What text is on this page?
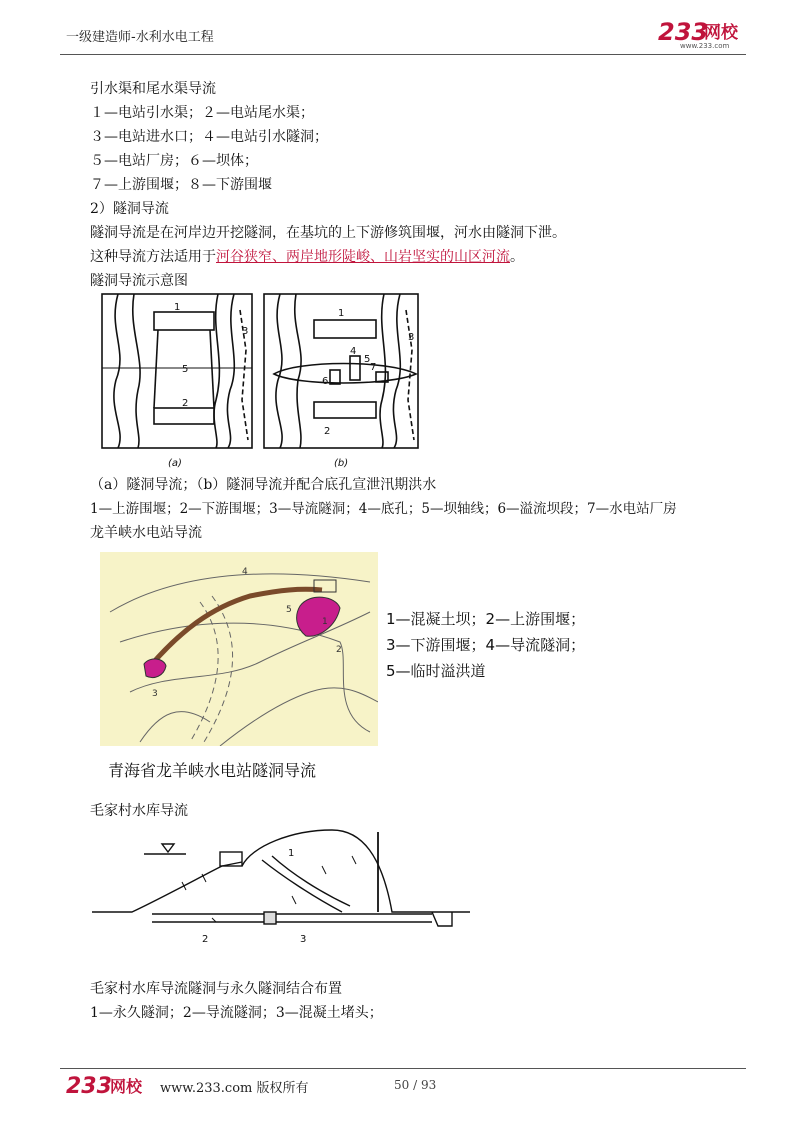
一级建造师-水利水电工程	233
网校
www.233.com
引水渠和尾水渠导流
１—电站引水渠；２—电站尾水渠；
３—电站进水口；４—电站引水隧洞；
５—电站厂房；６—坝体；
７—上游围堰；８—下游围堰
2）隧洞导流
隧洞导流是在河岸边开挖隧洞，在基坑的上下游修筑围堰，河水由隧洞下泄。
这种导流方法适用于河谷狭窄、两岸地形陡峻、山岩坚实的山区河流。
隧洞导流示意图
1
3
5
2
(a)
1
3
4
5
6
7
2
(b)
（a）隧洞导流；（b）隧洞导流并配合底孔宣泄汛期洪水
1—上游围堰；2—下游围堰；3—导流隧洞；4—底孔；5—坝轴线；6—溢流坝段；7—水电站厂房
龙羊峡水电站导流
4
5
2
3
1	1—混凝土坝；2—上游围堰；
3—下游围堰；4—导流隧洞；
5—临时溢洪道
青海省龙羊峡水电站隧洞导流
毛家村水库导流
1
2	3
毛家村水库导流隧洞与永久隧洞结合布置
1—永久隧洞；2—导流隧洞；3—混凝土堵头；
233
网校 www.233.com 版权所有	50 / 93
